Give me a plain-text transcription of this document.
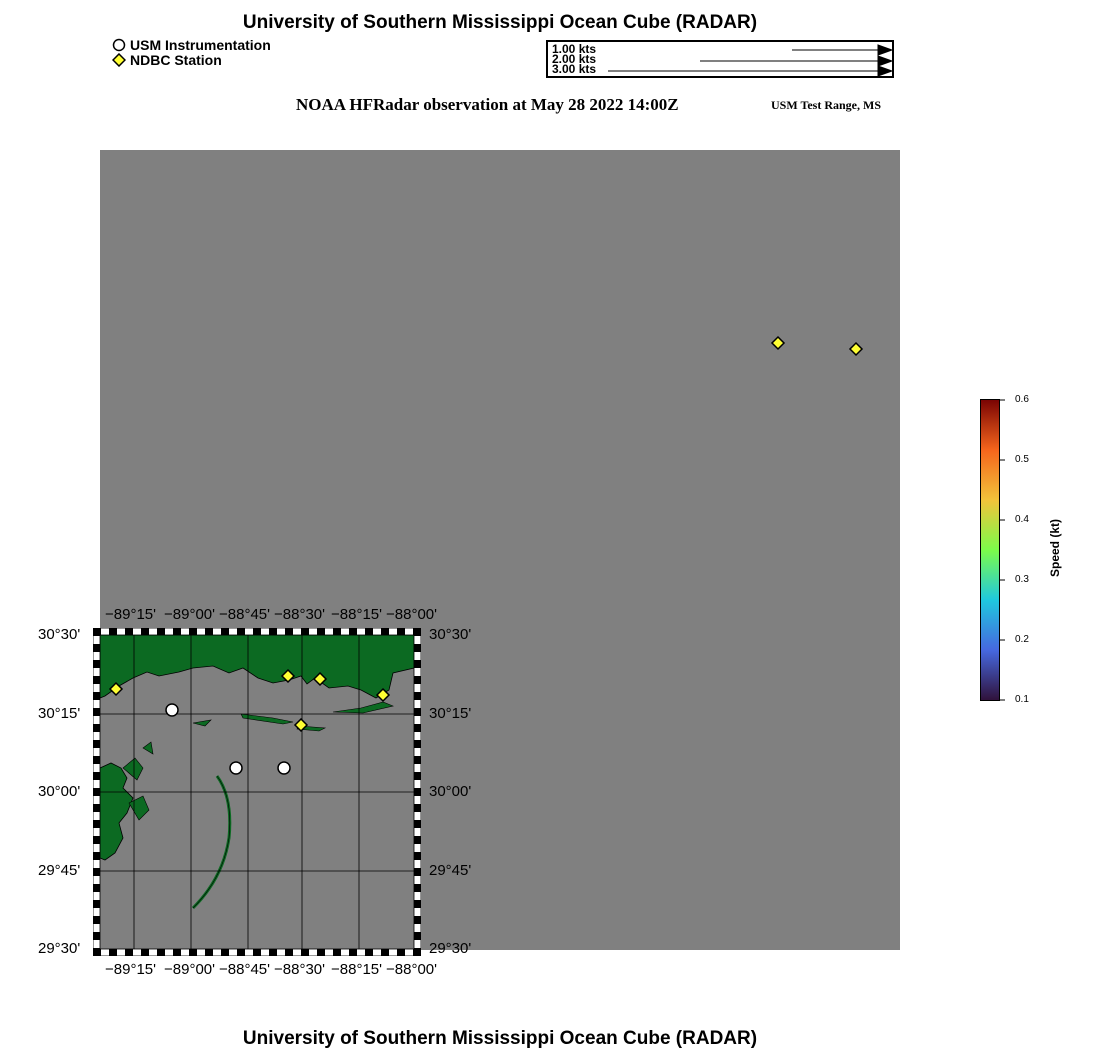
University of Southern Mississippi Ocean Cube (RADAR)
USM Instrumentation
NDBC Station
1.00 kts
2.00 kts
3.00 kts
NOAA HFRadar observation at May 28 2022 14:00Z	USM Test Range, MS
−89°15' −89°00' −88°45' −88°30' −88°15' −88°00'
−89°15' −89°00' −88°45' −88°30' −88°15' −88°00'
30°30'
30°15'
30°00'
29°45'
29°30'
30°30'
30°15'
30°00'
29°45'
29°30'
0.6
0.5
0.4
0.3
0.2
0.1
Speed (kt)
University of Southern Mississippi Ocean Cube (RADAR)
